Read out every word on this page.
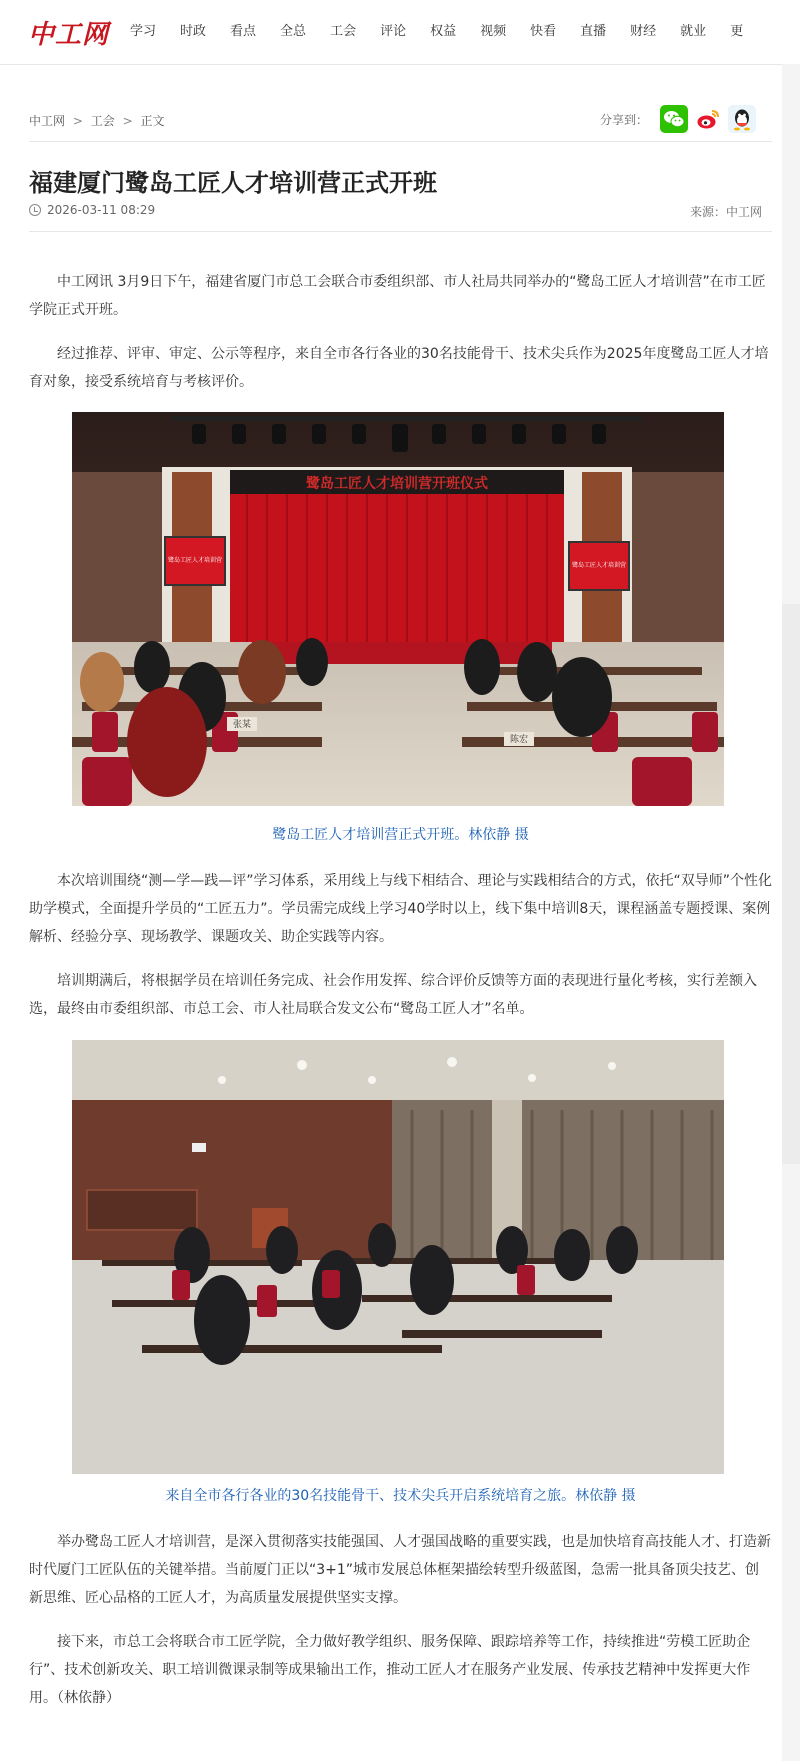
中工网 学习 时政 看点 全总 工会 评论 权益 视频 快看 直播 财经 就业 更
中工网 > 工会 > 正文	分享到：
福建厦门鹭岛工匠人才培训营正式开班
2026-03-11 08:29	来源：中工网

中工网讯 3月9日下午，福建省厦门市总工会联合市委组织部、市人社局共同举办的“鹭岛工匠人才培训营”在市工匠学院正式开班。

经过推荐、评审、审定、公示等程序，来自全市各行各业的30名技能骨干、技术尖兵作为2025年度鹭岛工匠人才培育对象，接受系统培育与考核评价。

鹭岛工匠人才培训营开班仪式
鹭岛工匠人才培训营
鹭岛工匠人才培训营
张某
陈宏
鹭岛工匠人才培训营正式开班。林依静 摄

本次培训围绕“测—学—践—评”学习体系，采用线上与线下相结合、理论与实践相结合的方式，依托“双导师”个性化助学模式，全面提升学员的“工匠五力”。学员需完成线上学习40学时以上，线下集中培训8天，课程涵盖专题授课、案例解析、经验分享、现场教学、课题攻关、助企实践等内容。

培训期满后，将根据学员在培训任务完成、社会作用发挥、综合评价反馈等方面的表现进行量化考核，实行差额入选，最终由市委组织部、市总工会、市人社局联合发文公布“鹭岛工匠人才”名单。

来自全市各行各业的30名技能骨干、技术尖兵开启系统培育之旅。林依静 摄

举办鹭岛工匠人才培训营，是深入贯彻落实技能强国、人才强国战略的重要实践，也是加快培育高技能人才、打造新时代厦门工匠队伍的关键举措。当前厦门正以“3+1”城市发展总体框架描绘转型升级蓝图，急需一批具备顶尖技艺、创新思维、匠心品格的工匠人才，为高质量发展提供坚实支撑。

接下来，市总工会将联合市工匠学院，全力做好教学组织、服务保障、跟踪培养等工作，持续推进“劳模工匠助企行”、技术创新攻关、职工培训微课录制等成果输出工作，推动工匠人才在服务产业发展、传承技艺精神中发挥更大作用。（林依静）
